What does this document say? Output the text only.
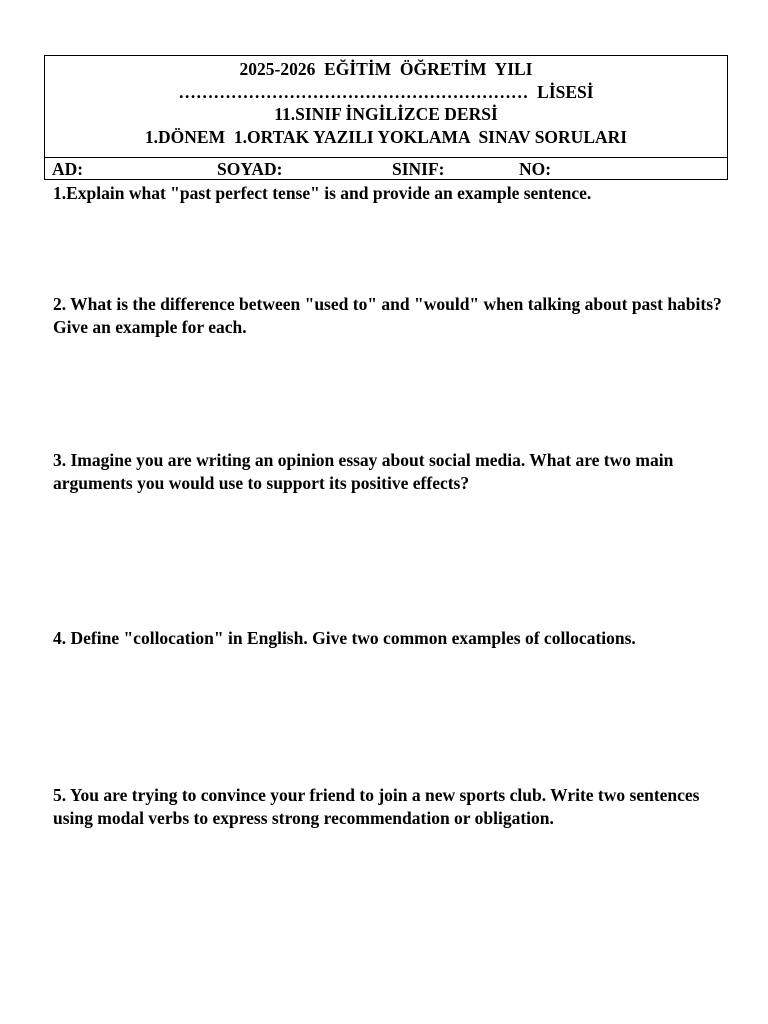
2025-2026  EĞİTİM  ÖĞRETİM  YILI
……………………………………………………  LİSESİ
11.SINIF İNGİLİZCE DERSİ
1.DÖNEM  1.ORTAK YAZILI YOKLAMA  SINAV SORULARI
AD:	SOYAD:	SINIF:	NO:
1.Explain what "past perfect tense" is and provide an example sentence.
2. What is the difference between "used to" and "would" when talking about past habits? Give an example for each.
3. Imagine you are writing an opinion essay about social media. What are two main arguments you would use to support its positive effects?
4. Define "collocation" in English. Give two common examples of collocations.
5. You are trying to convince your friend to join a new sports club. Write two sentences using modal verbs to express strong recommendation or obligation.
